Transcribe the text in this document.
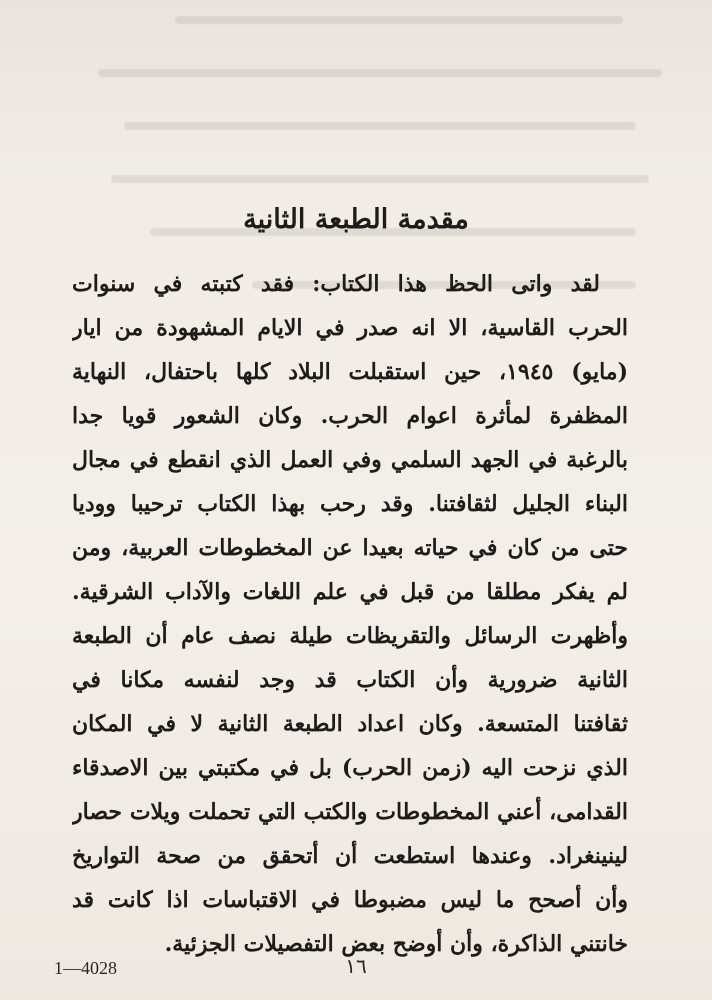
مقدمة الطبعة الثانية
لقد واتى الحظ هذا الكتاب: فقد كتبته في سنوات
الحرب القاسية، الا انه صدر في الايام المشهودة من ايار
(مايو) ١٩٤٥، حين استقبلت البلاد كلها باحتفال، النهاية
المظفرة لمأثرة اعوام الحرب. وكان الشعور قويا جدا
بالرغبة في الجهد السلمي وفي العمل الذي انقطع في مجال
البناء الجليل لثقافتنا. وقد رحب بهذا الكتاب ترحيبا ووديا
حتى من كان في حياته بعيدا عن المخطوطات العربية، ومن
لم يفكر مطلقا من قبل في علم اللغات والآداب الشرقية.
وأظهرت الرسائل والتقريظات طيلة نصف عام أن الطبعة
الثانية ضرورية وأن الكتاب قد وجد لنفسه مكانا في
ثقافتنا المتسعة. وكان اعداد الطبعة الثانية لا في المكان
الذي نزحت اليه (زمن الحرب) بل في مكتبتي بين الاصدقاء
القدامى، أعني المخطوطات والكتب التي تحملت ويلات حصار
لينينغراد. وعندها استطعت أن أتحقق من صحة التواريخ
وأن أصحح ما ليس مضبوطا في الاقتباسات اذا كانت قد
خانتني الذاكرة، وأن أوضح بعض التفصيلات الجزئية.
1—4028	١٦
